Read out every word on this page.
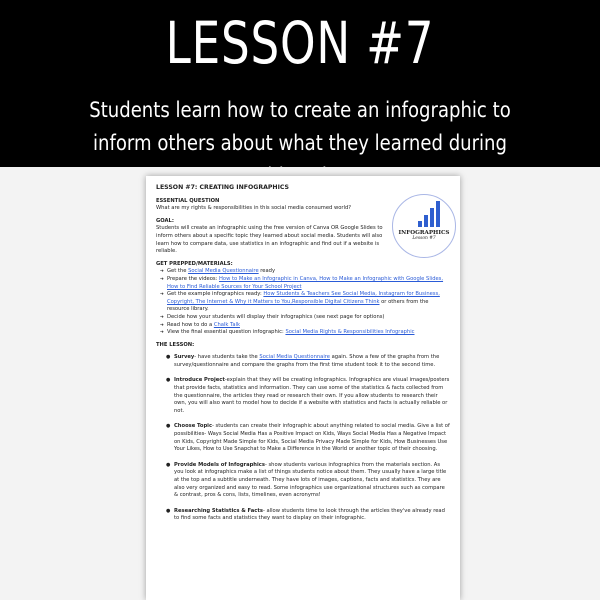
LESSON #7
Students learn how to create an infographic to inform others about what they learned during
INFOGRAPHICS
Lesson #7
LESSON #7: CREATING INFOGRAPHICS
ESSENTIAL QUESTION
What are my rights & responsibilities in this social media consumed world?
GOAL:
Students will create an infographic using the free version of Canva OR Google Slides to inform others about a specific topic they learned about social media. Students will also learn how to compare data, use statistics in an infographic and find out if a website is reliable.
GET PREPPED/MATERIALS:
➔ Get the Social Media Questionnaire ready
➔ Prepare the videos: How to Make an Infographic in Canva, How to Make an Infographic with Google Slides, How to Find Reliable Sources for Your School Project
➔ Get the example infographics ready: How Students & Teachers See Social Media, Instagram for Business, Copyright, The Internet & Why it Matters to You,Responsible Digital Citizens Think or others from the resource library.
➔ Decide how your students will display their infographics (see next page for options)
➔ Read how to do a Chalk Talk
➔ View the final essential question infographic: Social Media Rights & Responsibilities Infographic
THE LESSON:
● Survey- have students take the Social Media Questionnaire again. Show a few of the graphs from the survey/questionnaire and compare the graphs from the first time student took it to the second time.
● Introduce Project-explain that they will be creating infographics. Infographics are visual images/posters that provide facts, statistics and information. They can use some of the statistics & facts collected from the questionnaire, the articles they read or research their own. If you allow students to research their own, you will also want to model how to decide if a website with statistics and facts is actually reliable or not.
● Choose Topic- students can create their infographic about anything related to social media. Give a list of possibilities- Ways Social Media Has a Positive Impact on Kids, Ways Social Media Has a Negative Impact on Kids, Copyright Made Simple for Kids, Social Media Privacy Made Simple for Kids, How Businesses Use Your Likes, How to Use Snapchat to Make a Difference in the World or another topic of their choosing.
● Provide Models of Infographics- show students various infographics from the materials section. As you look at infographics make a list of things students notice about them. They usually have a large title at the top and a subtitle underneath. They have lots of images, captions, facts and statistics. They are also very organized and easy to read. Some infographics use organizational structures such as compare & contrast, pros & cons, lists, timelines, even acronyms!
● Researching Statistics & Facts- allow students time to look through the articles they've already read to find some facts and statistics they want to display on their infographic.
